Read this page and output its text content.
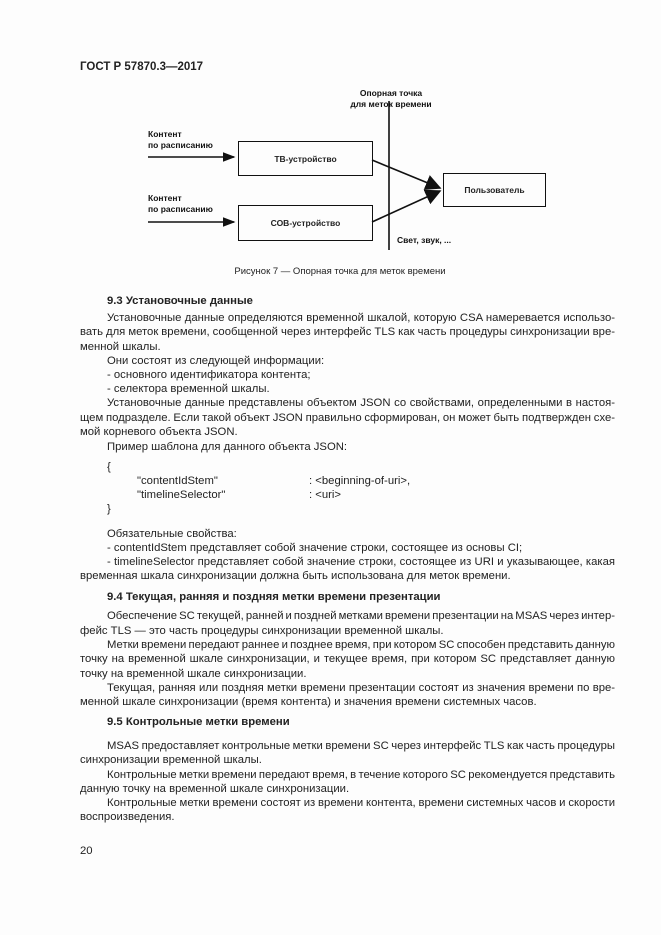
ГОСТ Р 57870.3—2017
Опорная точка
для меток времени
Контент
по расписанию
Контент
по расписанию
ТВ-устройство
СОВ-устройство
Пользователь
Свет, звук, ...
Рисунок 7 — Опорная точка для меток времени
9.3 Установочные данные
Установочные данные определяются временной шкалой, которую CSA намеревается использо-
вать для меток времени, сообщенной через интерфейс TLS как часть процедуры синхронизации вре-
менной шкалы.
Они состоят из следующей информации:
- основного идентификатора контента;
- селектора временной шкалы.
Установочные данные представлены объектом JSON со свойствами, определенными в настоя-
щем подразделе. Если такой объект JSON правильно сформирован, он может быть подтвержден схе-
мой корневого объекта JSON.
Пример шаблона для данного объекта JSON:
{
"contentIdStem"	: <beginning-of-uri>,
"timelineSelector"	: <uri>
}
Обязательные свойства:
- contentIdStem представляет собой значение строки, состоящее из основы CI;
- timelineSelector представляет собой значение строки, состоящее из URI и указывающее, какая
временная шкала синхронизации должна быть использована для меток времени.
9.4 Текущая, ранняя и поздняя метки времени презентации
Обеспечение SC текущей, ранней и поздней метками времени презентации на MSAS через интер-
фейс TLS — это часть процедуры синхронизации временной шкалы.
Метки времени передают раннее и позднее время, при котором SC способен представить данную
точку на временной шкале синхронизации, и текущее время, при котором SC представляет данную
точку на временной шкале синхронизации.
Текущая, ранняя или поздняя метки времени презентации состоят из значения времени по вре-
менной шкале синхронизации (время контента) и значения времени системных часов.
9.5 Контрольные метки времени
MSAS предоставляет контрольные метки времени SC через интерфейс TLS как часть процедуры
синхронизации временной шкалы.
Контрольные метки времени передают время, в течение которого SC рекомендуется представить
данную точку на временной шкале синхронизации.
Контрольные метки времени состоят из времени контента, времени системных часов и скорости
воспроизведения.
20
